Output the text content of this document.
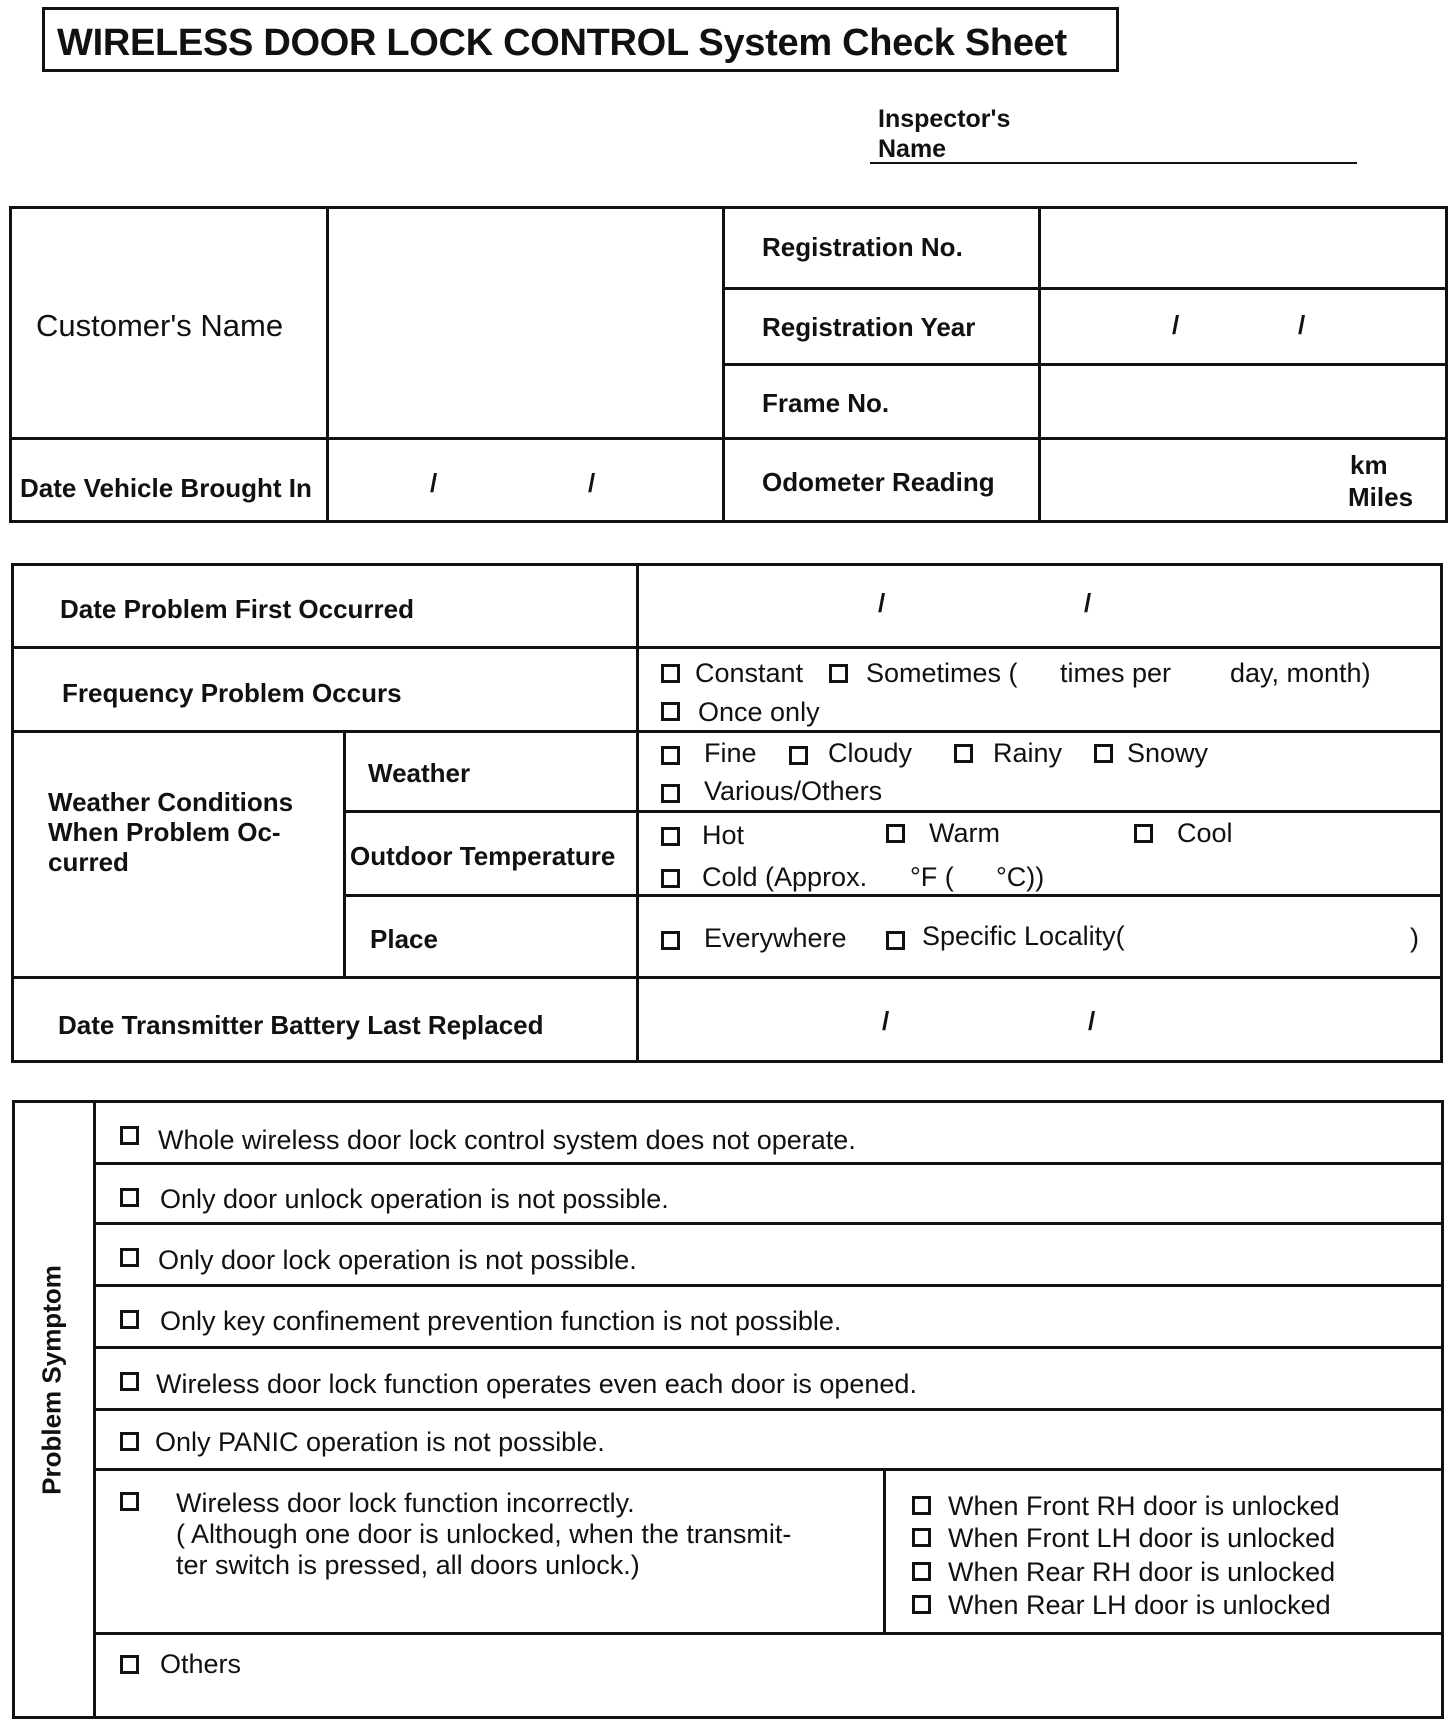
WIRELESS DOOR LOCK CONTROL System Check Sheet
Inspector's
Name
Customer's Name
Registration No.
Registration Year	/	/
Frame No.
Date Vehicle Brought In	/	/	Odometer Reading
km
Miles
Date Problem First Occurred	/	/
Frequency Problem Occurs
Constant Sometimes ( times per day, month)
Once only
Weather Conditions
When Problem Oc-
curred
Weather
Fine	Cloudy	Rainy Snowy
Various/Others
Outdoor Temperature
Hot	Warm	Cool
Cold (Approx. °F ( °C))
Place	Everywhere	Specific Locality(	)
Date Transmitter Battery Last Replaced	/	/
Problem Symptom
Whole wireless door lock control system does not operate.
Only door unlock operation is not possible.
Only door lock operation is not possible.
Only key confinement prevention function is not possible.
Wireless door lock function operates even each door is opened.
Only PANIC operation is not possible.
Wireless door lock function incorrectly.
( Although one door is unlocked, when the transmit-
ter switch is pressed, all doors unlock.)
When Front RH door is unlocked
When Front LH door is unlocked
When Rear RH door is unlocked
When Rear LH door is unlocked
Others
